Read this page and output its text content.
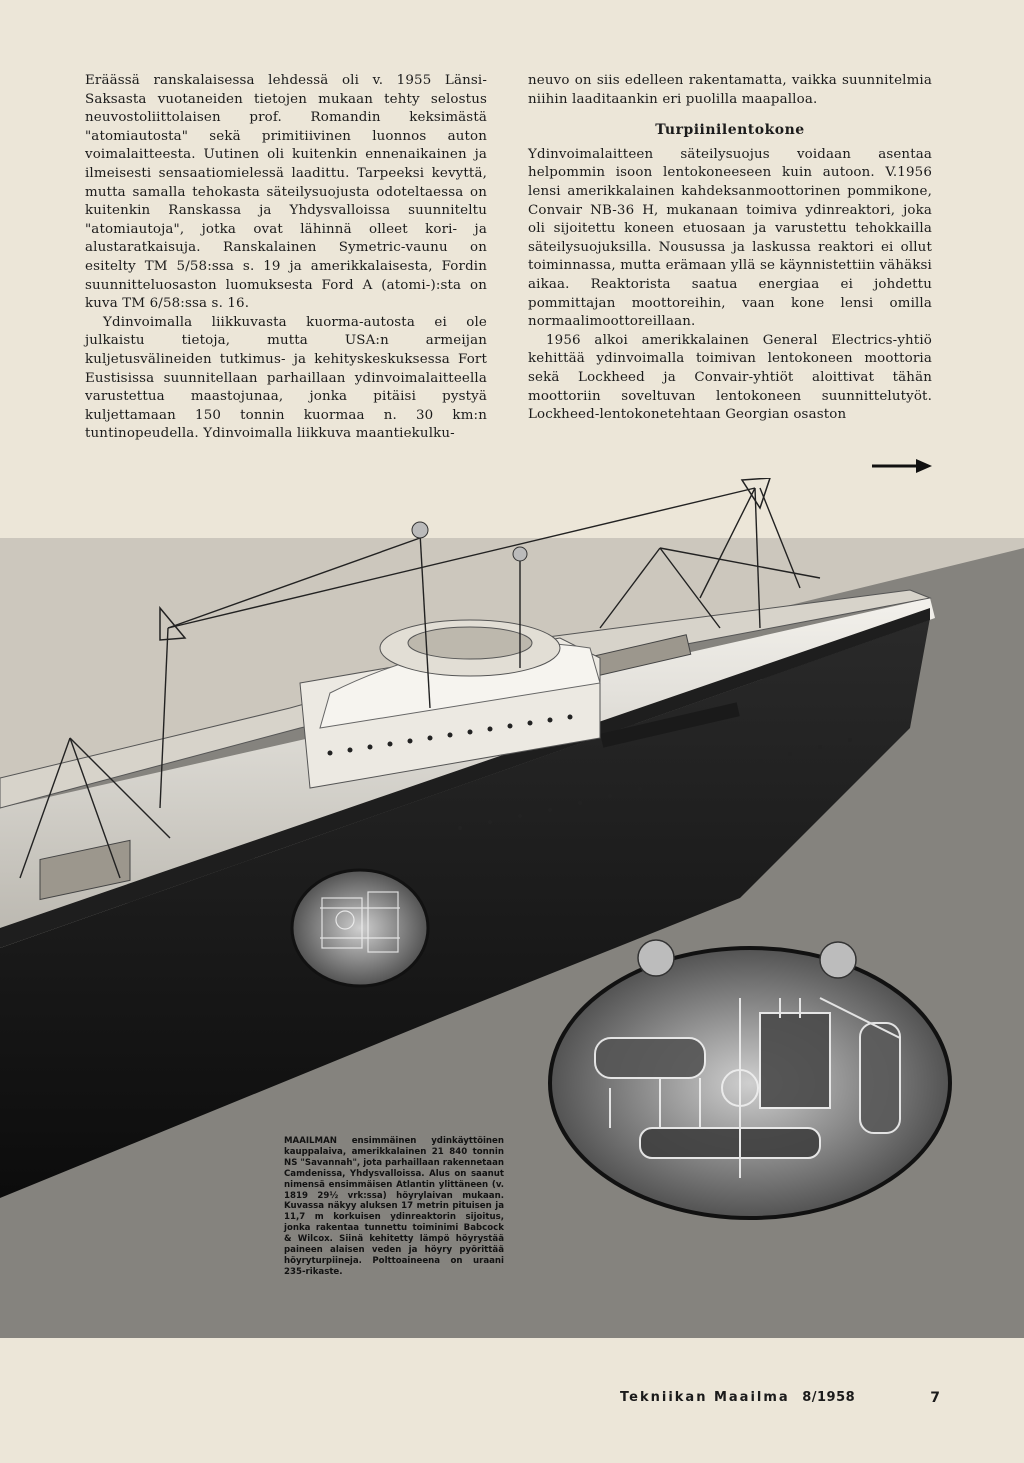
Eräässä ranskalaisessa lehdessä oli v. 1955 Länsi-Saksasta vuotaneiden tietojen mukaan tehty selostus neuvostoliittolaisen prof. Romandin keksimästä "atomiautosta" sekä primitiivinen luonnos auton voimalaitteesta. Uutinen oli kuitenkin ennenaikainen ja ilmeisesti sensaatiomielessä laadittu. Tarpeeksi kevyttä, mutta samalla tehokasta säteilysuojusta odoteltaessa on kuitenkin Ranskassa ja Yhdysvalloissa suunniteltu "atomiautoja", jotka ovat lähinnä olleet kori- ja alustaratkaisuja. Ranskalainen Symetric-vaunu on esitelty TM 5/58:ssa s. 19 ja amerikkalaisesta, Fordin suunnitteluosaston luomuksesta Ford A (atomi-):sta on kuva TM 6/58:ssa s. 16.

Ydinvoimalla liikkuvasta kuorma-autosta ei ole julkaistu tietoja, mutta USA:n armeijan kuljetusvälineiden tutkimus- ja kehityskeskuksessa Fort Eustisissa suunnitellaan parhaillaan ydinvoimalaitteella varustettua maastojunaa, jonka pitäisi pystyä kuljettamaan 150 tonnin kuormaa n. 30 km:n tuntinopeudella. Ydinvoimalla liikkuva maantiekulku-

neuvo on siis edelleen rakentamatta, vaikka suunnitelmia niihin laaditaankin eri puolilla maapalloa.

Turpiinilentokone

Ydinvoimalaitteen säteilysuojus voidaan asentaa helpommin isoon lentokoneeseen kuin autoon. V.1956 lensi amerikkalainen kahdeksanmoottorinen pommikone, Convair NB-36 H, mukanaan toimiva ydinreaktori, joka oli sijoitettu koneen etuosaan ja varustettu tehokkailla säteilysuojuksilla. Nousussa ja laskussa reaktori ei ollut toiminnassa, mutta erämaan yllä se käynnistettiin vähäksi aikaa. Reaktorista saatua energiaa ei johdettu pommittajan moottoreihin, vaan kone lensi omilla normaalimoottoreillaan.

1956 alkoi amerikkalainen General Electrics-yhtiö kehittää ydinvoimalla toimivan lentokoneen moottoria sekä Lockheed ja Convair-yhtiöt aloittivat tähän moottoriin soveltuvan lentokoneen suunnittelutyöt. Lockheed-lentokonetehtaan Georgian osaston

MAAILMAN ensimmäinen ydinkäyttöinen kauppalaiva, amerikkalainen 21 840 tonnin NS "Savannah", jota parhaillaan rakennetaan Camdenissa, Yhdysvalloissa. Alus on saanut nimensä ensimmäisen Atlantin ylittäneen (v. 1819 29½ vrk:ssa) höyrylaivan mukaan. Kuvassa näkyy aluksen 17 metrin pituisen ja 11,7 m korkuisen ydinreaktorin sijoitus, jonka rakentaa tunnettu toiminimi Babcock & Wilcox. Siinä kehitetty lämpö höyrystää paineen alaisen veden ja höyry pyörittää höyryturpiineja. Polttoaineena on uraani 235-rikaste.
Tekniikan Maailma 8/1958	7
